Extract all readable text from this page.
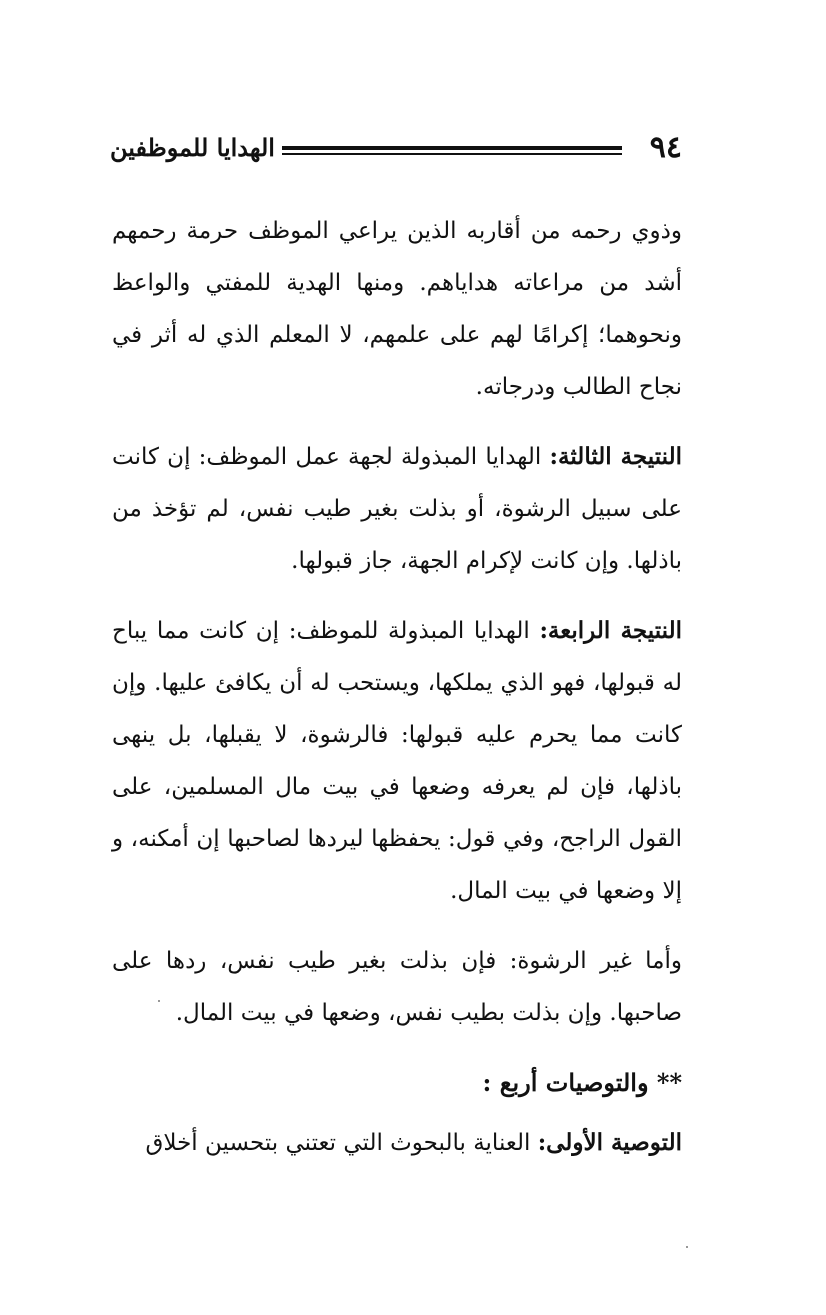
٩٤
الهدايا للموظفين

وذوي رحمه من أقاربه الذين يراعي الموظف حرمة رحمهم أشد من مراعاته هداياهم. ومنها الهدية للمفتي والواعظ ونحوهما؛ إكرامًا لهم على علمهم، لا المعلم الذي له أثر في نجاح الطالب ودرجاته.

النتيجة الثالثة: الهدايا المبذولة لجهة عمل الموظف: إن كانت على سبيل الرشوة، أو بذلت بغير طيب نفس، لم تؤخذ من باذلها. وإن كانت لإكرام الجهة، جاز قبولها.

النتيجة الرابعة: الهدايا المبذولة للموظف: إن كانت مما يباح له قبولها، فهو الذي يملكها، ويستحب له أن يكافئ عليها. وإن كانت مما يحرم عليه قبولها: فالرشوة، لا يقبلها، بل ينهى باذلها، فإن لم يعرفه وضعها في بيت مال المسلمين، على القول الراجح، وفي قول: يحفظها ليردها لصاحبها إن أمكنه، و إلا وضعها في بيت المال.

وأما غير الرشوة: فإن بذلت بغير طيب نفس، ردها على صاحبها. وإن بذلت بطيب نفس، وضعها في بيت المال.

** والتوصيات أربع :

التوصية الأولى: العناية بالبحوث التي تعتني بتحسين أخلاق
